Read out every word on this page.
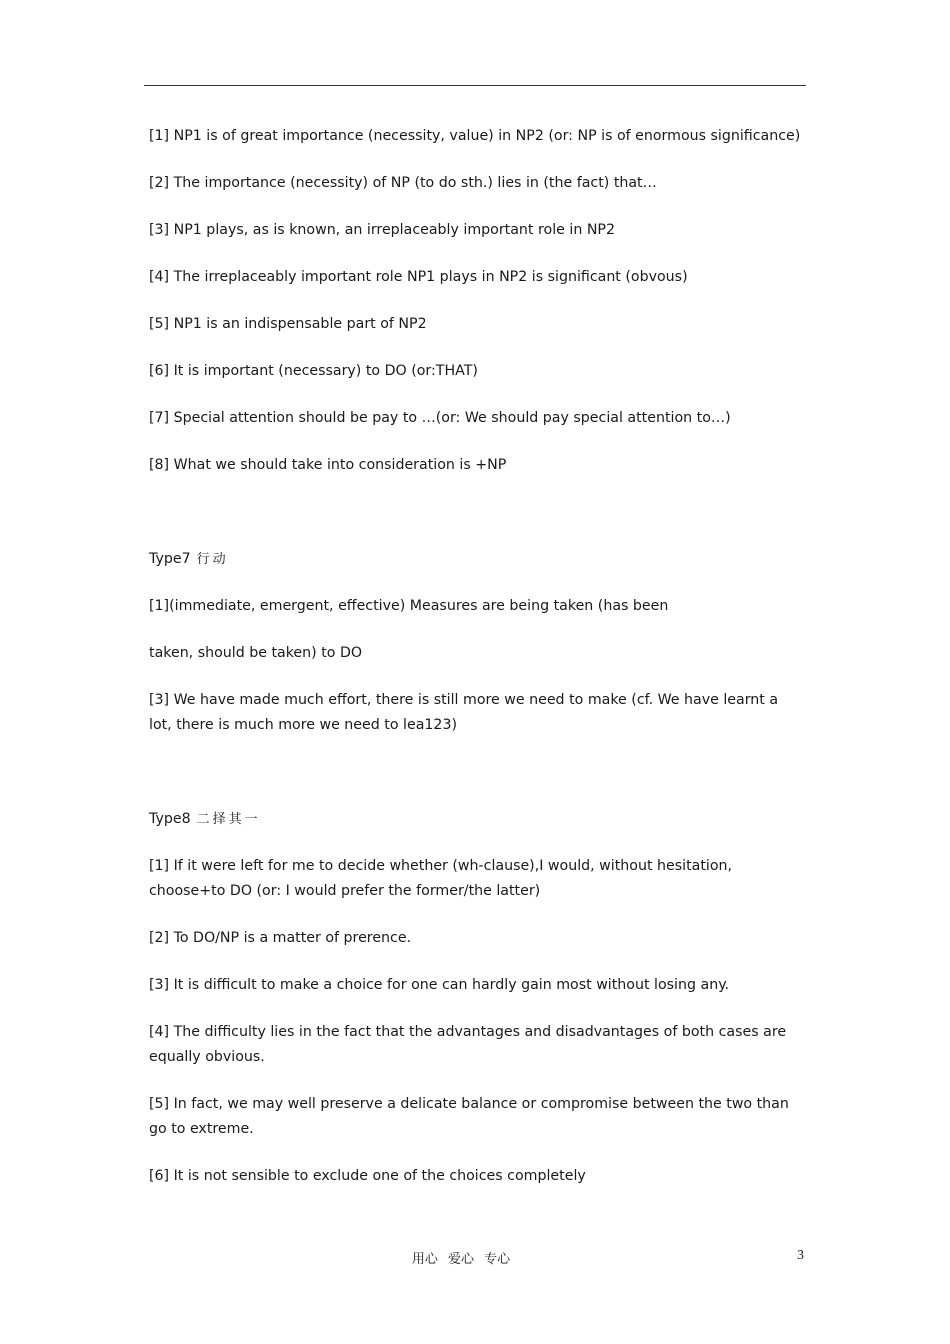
[1] NP1 is of great importance (necessity, value) in NP2 (or: NP is of enormous significance)

[2] The importance (necessity) of NP (to do sth.) lies in (the fact) that…

[3] NP1 plays, as is known, an irreplaceably important role in NP2

[4] The irreplaceably important role NP1 plays in NP2 is significant (obvous)

[5] NP1 is an indispensable part of NP2

[6] It is important (necessary) to DO (or:THAT)

[7] Special attention should be pay to …(or: We should pay special attention to…)

[8] What we should take into consideration is +NP

Type7 行动

[1](immediate, emergent, effective) Measures are being taken (has been

taken, should be taken) to DO

[3] We have made much effort, there is still more we need to make (cf. We have learnt a lot, there is much more we need to lea123)

Type8 二择其一

[1] If it were left for me to decide whether (wh-clause),I would, without hesitation, choose+to DO (or: I would prefer the former/the latter)

[2] To DO/NP is a matter of prerence.

[3] It is difficult to make a choice for one can hardly gain most without losing any.

[4] The difficulty lies in the fact that the advantages and disadvantages of both cases are equally obvious.

[5] In fact, we may well preserve a delicate balance or compromise between the two than go to extreme.

[6] It is not sensible to exclude one of the choices completely

用心 爱心 专心	3
